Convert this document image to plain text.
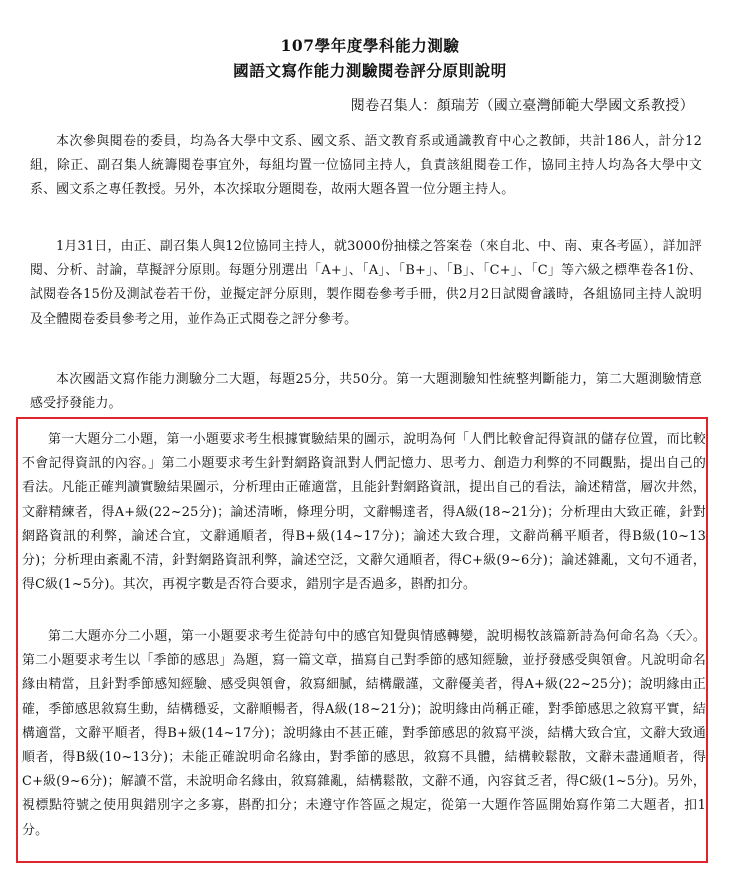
107學年度學科能力測驗
國語文寫作能力測驗閱卷評分原則說明
閱卷召集人：顏瑞芳（國立臺灣師範大學國文系教授）

本次參與閱卷的委員，均為各大學中文系、國文系、語文教育系或通識教育中心之教師，共計186人，計分12組，除正、副召集人統籌閱卷事宜外，每組均置一位協同主持人，負責該組閱卷工作，協同主持人均為各大學中文系、國文系之專任教授。另外，本次採取分題閱卷，故兩大題各置一位分題主持人。

1月31日，由正、副召集人與12位協同主持人，就3000份抽樣之答案卷（來自北、中、南、東各考區），詳加評閱、分析、討論，草擬評分原則。每題分別選出「A+」、「A」、「B+」、「B」、「C+」、「C」等六級之標準卷各1份、試閱卷各15份及測試卷若干份，並擬定評分原則，製作閱卷參考手冊，供2月2日試閱會議時，各組協同主持人說明及全體閱卷委員參考之用，並作為正式閱卷之評分參考。

本次國語文寫作能力測驗分二大題，每題25分，共50分。第一大題測驗知性統整判斷能力，第二大題測驗情意感受抒發能力。

第一大題分二小題，第一小題要求考生根據實驗結果的圖示，說明為何「人們比較會記得資訊的儲存位置，而比較不會記得資訊的內容。」第二小題要求考生針對網路資訊對人們記憶力、思考力、創造力利弊的不同觀點，提出自己的看法。凡能正確判讀實驗結果圖示，分析理由正確適當，且能針對網路資訊，提出自己的看法，論述精當，層次井然，文辭精練者，得A+級(22~25分)；論述清晰，條理分明，文辭暢達者，得A級(18~21分)；分析理由大致正確，針對網路資訊的利弊，論述合宜，文辭通順者，得B+級(14~17分)；論述大致合理，文辭尚稱平順者，得B級(10~13分)；分析理由紊亂不清，針對網路資訊利弊，論述空泛，文辭欠通順者，得C+級(9~6分)；論述雜亂，文句不通者，得C級(1~5分)。其次，再視字數是否符合要求，錯別字是否過多，斟酌扣分。

第二大題亦分二小題，第一小題要求考生從詩句中的感官知覺與情感轉變，說明楊牧該篇新詩為何命名為〈夭〉。第二小題要求考生以「季節的感思」為題，寫一篇文章，描寫自己對季節的感知經驗，並抒發感受與領會。凡說明命名緣由精當，且針對季節感知經驗、感受與領會，敘寫細膩，結構嚴謹，文辭優美者，得A+級(22~25分)；說明緣由正確，季節感思敘寫生動，結構穩妥，文辭順暢者，得A級(18~21分)；說明緣由尚稱正確，對季節感思之敘寫平實，結構適當，文辭平順者，得B+級(14~17分)；說明緣由不甚正確，對季節感思的敘寫平淡，結構大致合宜，文辭大致通順者，得B級(10~13分)；未能正確說明命名緣由，對季節的感思，敘寫不具體，結構較鬆散，文辭未盡通順者，得C+級(9~6分)；解讀不當，未說明命名緣由，敘寫雜亂，結構鬆散，文辭不通，內容貧乏者，得C級(1~5分)。另外，視標點符號之使用與錯別字之多寡，斟酌扣分；未遵守作答區之規定，從第一大題作答區開始寫作第二大題者，扣1分。
